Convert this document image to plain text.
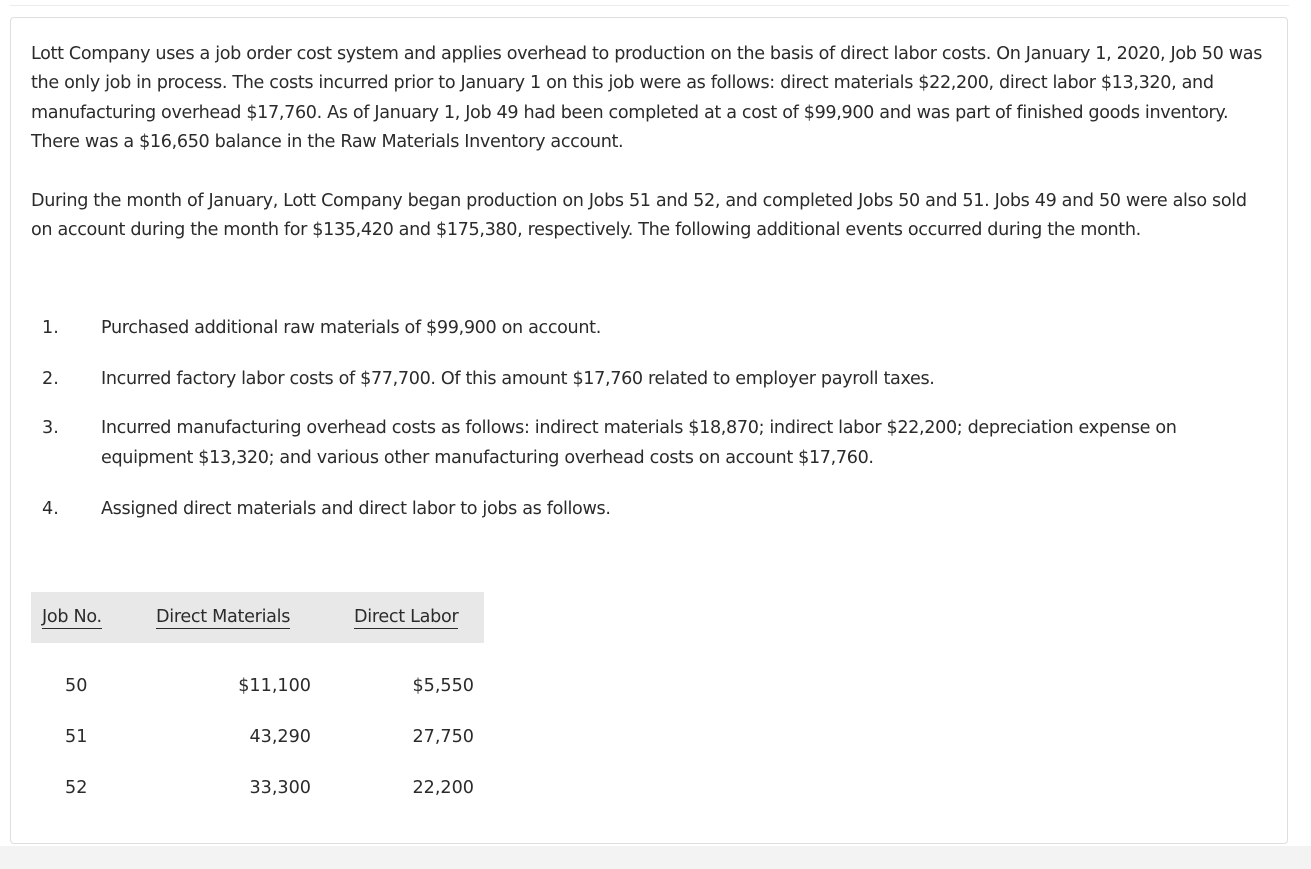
Lott Company uses a job order cost system and applies overhead to production on the basis of direct labor costs. On January 1, 2020, Job 50 was the only job in process. The costs incurred prior to January 1 on this job were as follows: direct materials $22,200, direct labor $13,320, and manufacturing overhead $17,760. As of January 1, Job 49 had been completed at a cost of $99,900 and was part of finished goods inventory. There was a $16,650 balance in the Raw Materials Inventory account.

During the month of January, Lott Company began production on Jobs 51 and 52, and completed Jobs 50 and 51. Jobs 49 and 50 were also sold on account during the month for $135,420 and $175,380, respectively. The following additional events occurred during the month.

1. Purchased additional raw materials of $99,900 on account.
2. Incurred factory labor costs of $77,700. Of this amount $17,760 related to employer payroll taxes.
3. Incurred manufacturing overhead costs as follows: indirect materials $18,870; indirect labor $22,200; depreciation expense on equipment $13,320; and various other manufacturing overhead costs on account $17,760.
4. Assigned direct materials and direct labor to jobs as follows.
Job No.	Direct Materials	Direct Labor
50	$11,100	$5,550
51	43,290	27,750
52	33,300	22,200
